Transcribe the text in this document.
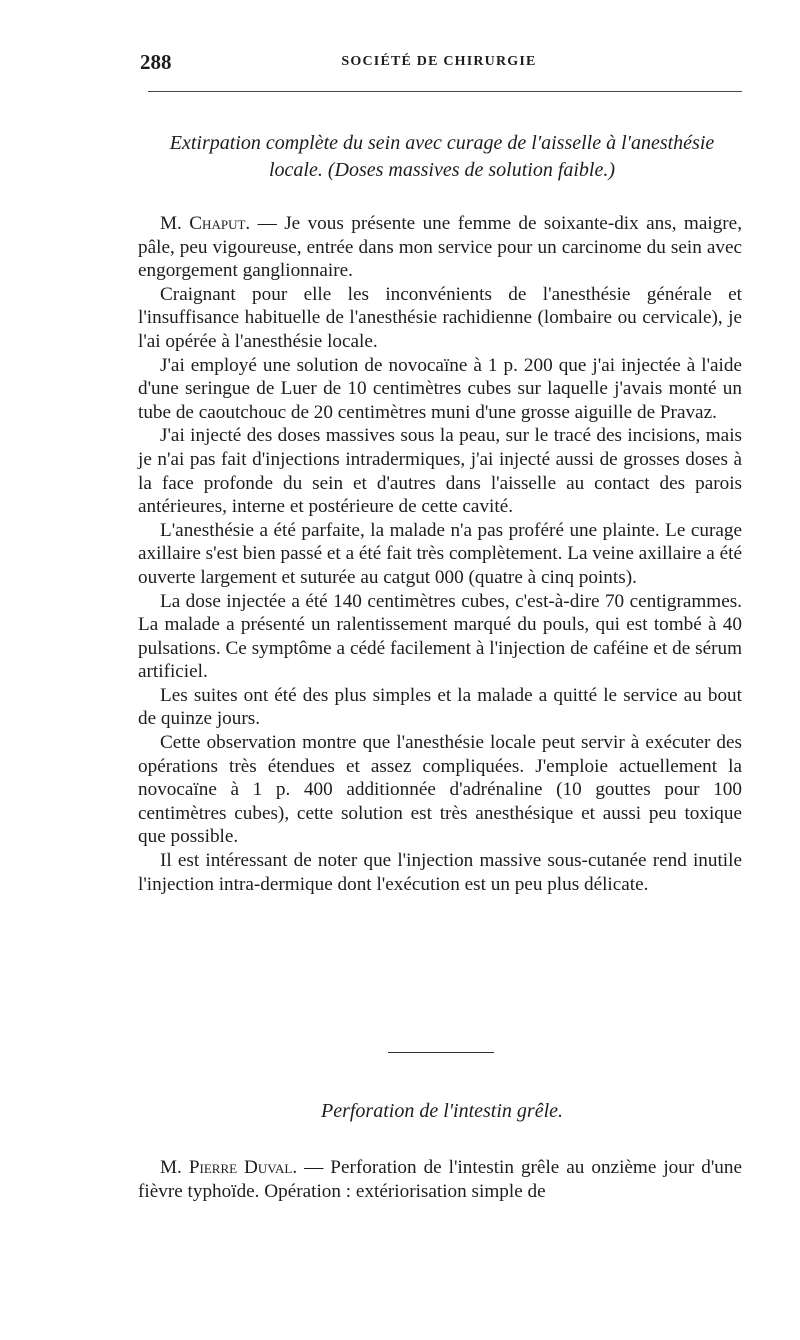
288	SOCIÉTÉ DE CHIRURGIE
Extirpation complète du sein avec curage de l'aisselle à l'anesthésie
locale. (Doses massives de solution faible.)

M. Chaput. — Je vous présente une femme de soixante-dix ans, maigre, pâle, peu vigoureuse, entrée dans mon service pour un carcinome du sein avec engorgement ganglionnaire.

Craignant pour elle les inconvénients de l'anesthésie générale et l'insuffisance habituelle de l'anesthésie rachidienne (lombaire ou cervicale), je l'ai opérée à l'anesthésie locale.

J'ai employé une solution de novocaïne à 1 p. 200 que j'ai injectée à l'aide d'une seringue de Luer de 10 centimètres cubes sur laquelle j'avais monté un tube de caoutchouc de 20 centimètres muni d'une grosse aiguille de Pravaz.

J'ai injecté des doses massives sous la peau, sur le tracé des incisions, mais je n'ai pas fait d'injections intradermiques, j'ai injecté aussi de grosses doses à la face profonde du sein et d'autres dans l'aisselle au contact des parois antérieures, interne et postérieure de cette cavité.

L'anesthésie a été parfaite, la malade n'a pas proféré une plainte. Le curage axillaire s'est bien passé et a été fait très complètement. La veine axillaire a été ouverte largement et suturée au catgut 000 (quatre à cinq points).

La dose injectée a été 140 centimètres cubes, c'est-à-dire 70 centigrammes. La malade a présenté un ralentissement marqué du pouls, qui est tombé à 40 pulsations. Ce symptôme a cédé facilement à l'injection de caféine et de sérum artificiel.

Les suites ont été des plus simples et la malade a quitté le service au bout de quinze jours.

Cette observation montre que l'anesthésie locale peut servir à exécuter des opérations très étendues et assez compliquées. J'emploie actuellement la novocaïne à 1 p. 400 additionnée d'adrénaline (10 gouttes pour 100 centimètres cubes), cette solution est très anesthésique et aussi peu toxique que possible.

Il est intéressant de noter que l'injection massive sous-cutanée rend inutile l'injection intra-dermique dont l'exécution est un peu plus délicate.

Perforation de l'intestin grêle.

M. Pierre Duval. — Perforation de l'intestin grêle au onzième jour d'une fièvre typhoïde. Opération : extériorisation simple de
